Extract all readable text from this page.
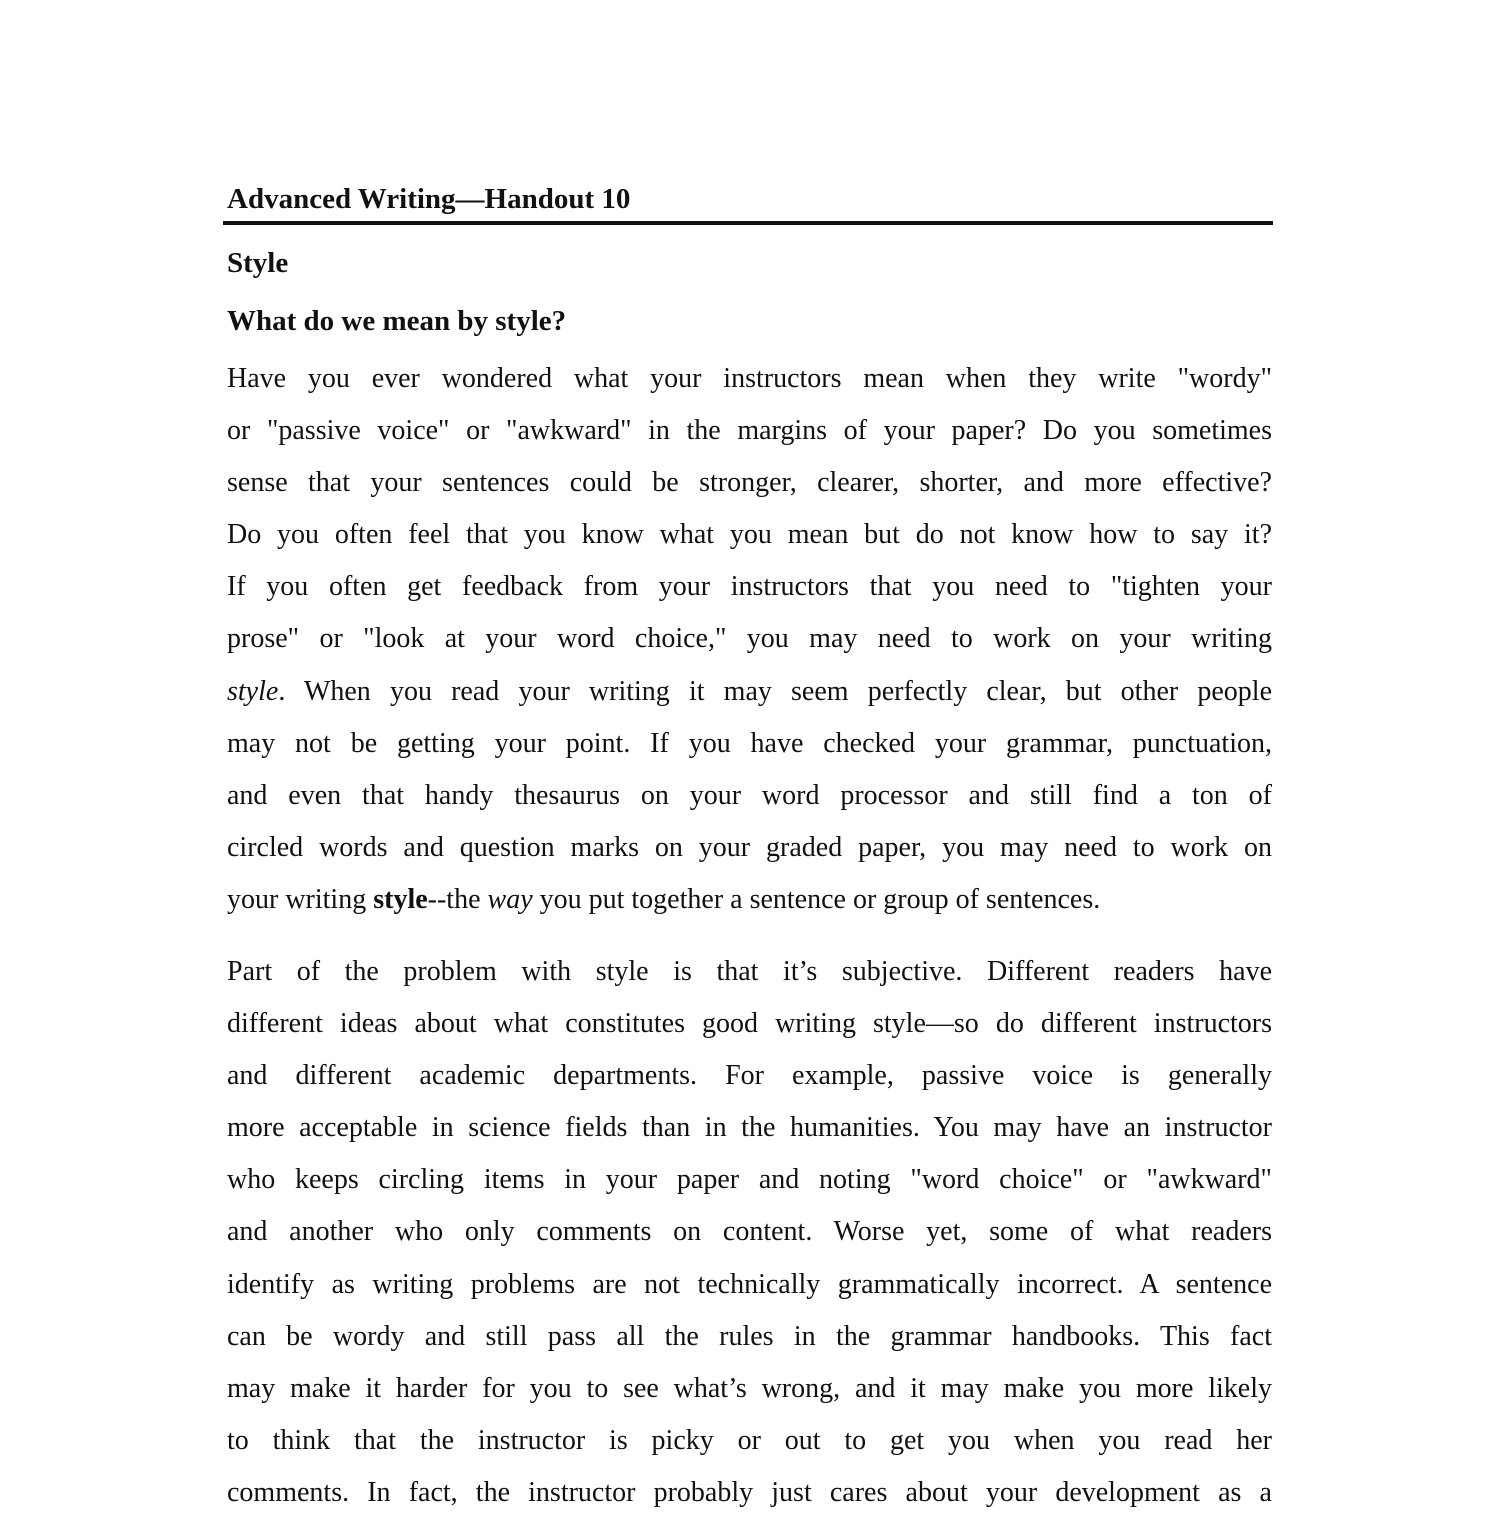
Advanced Writing—Handout 10
Style
What do we mean by style?
Have you ever wondered what your instructors mean when they write "wordy"
or "passive voice" or "awkward" in the margins of your paper? Do you sometimes
sense that your sentences could be stronger, clearer, shorter, and more effective?
Do you often feel that you know what you mean but do not know how to say it?
If you often get feedback from your instructors that you need to "tighten your
prose" or "look at your word choice," you may need to work on your writing
style. When you read your writing it may seem perfectly clear, but other people
may not be getting your point. If you have checked your grammar, punctuation,
and even that handy thesaurus on your word processor and still find a ton of
circled words and question marks on your graded paper, you may need to work on
your writing style--the way you put together a sentence or group of sentences.
Part of the problem with style is that it’s subjective. Different readers have
different ideas about what constitutes good writing style—so do different instructors
and different academic departments. For example, passive voice is generally
more acceptable in science fields than in the humanities. You may have an instructor
who keeps circling items in your paper and noting "word choice" or "awkward"
and another who only comments on content. Worse yet, some of what readers
identify as writing problems are not technically grammatically incorrect. A sentence
can be wordy and still pass all the rules in the grammar handbooks. This fact
may make it harder for you to see what’s wrong, and it may make you more likely
to think that the instructor is picky or out to get you when you read her
comments. In fact, the instructor probably just cares about your development as a
